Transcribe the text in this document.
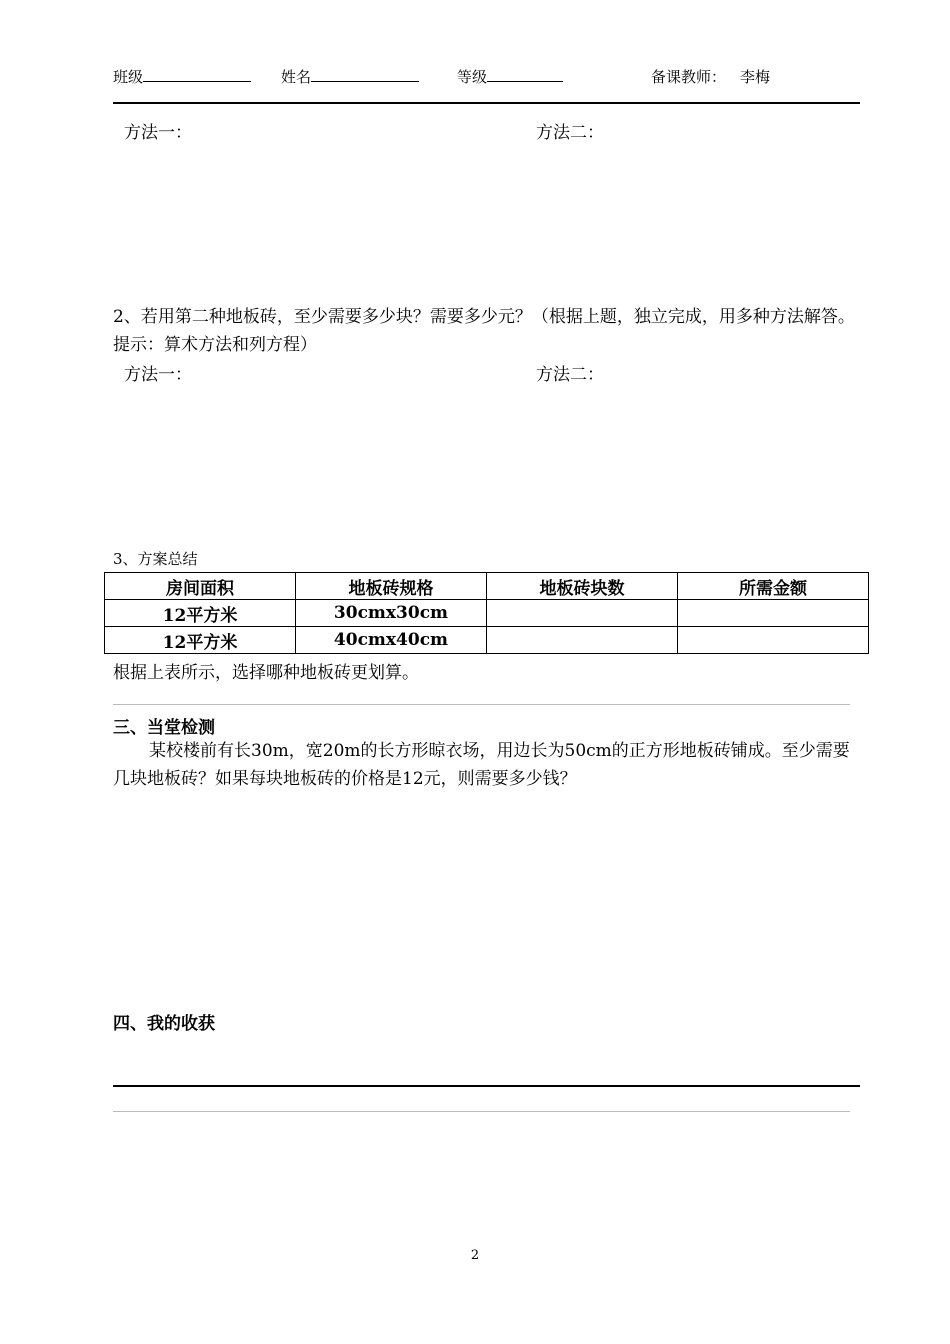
班级	姓名	等级	备课教师： 李梅
方法一：	方法二：
2、若用第二种地板砖，至少需要多少块？需要多少元？（根据上题，独立完成，用多种方法解答。提示：算术方法和列方程）
方法一：	方法二：
3、方案总结
房间面积	地板砖规格	地板砖块数	所需金额
12平方米	30cmx30cm		
12平方米	40cmx40cm		
根据上表所示，选择哪种地板砖更划算。
三、当堂检测
某校楼前有长30m，宽20m的长方形晾衣场，用边长为50cm的正方形地板砖铺成。至少需要几块地板砖？如果每块地板砖的价格是12元，则需要多少钱？
四、我的收获
2
